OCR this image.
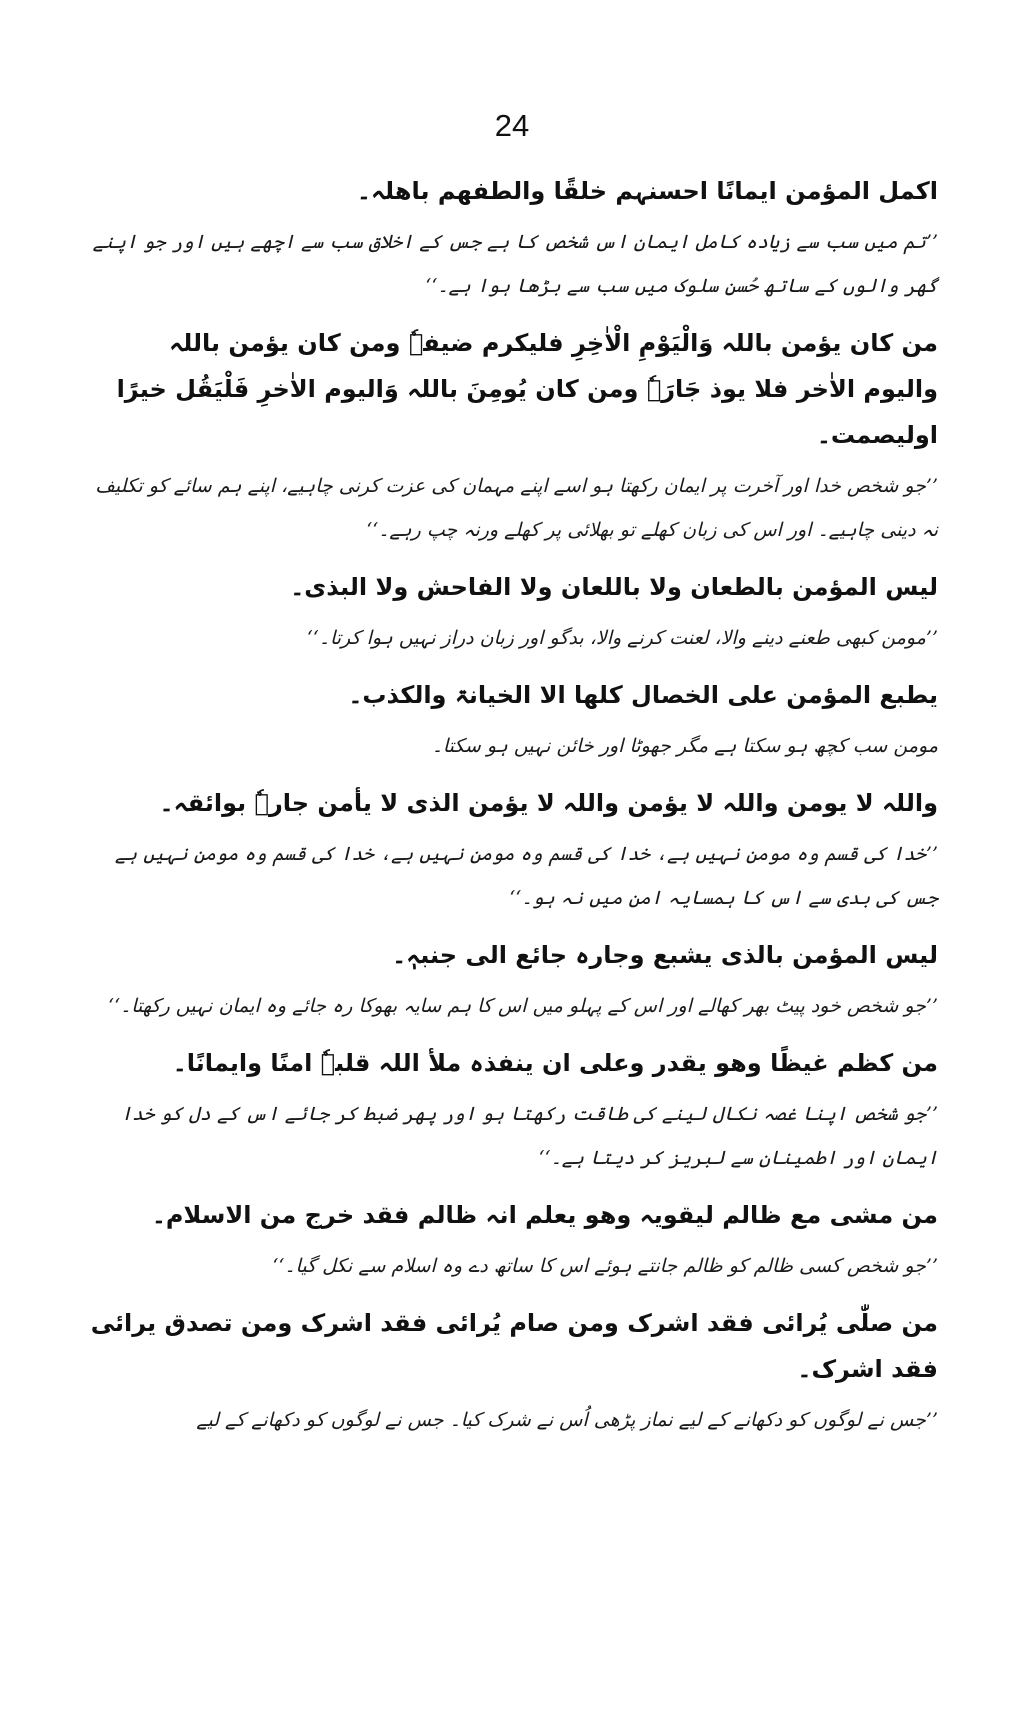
24

اکمل المؤمن ایمانًا احسنہم خلقًا والطفھم باھلہ۔

’’تم میں سب سے زیادہ کامل ایمان اس شخص کا ہے جس کے اخلاق سب سے اچھے ہیں اور جو اپنے گھر والوں کے ساتھ حُسنِ سلوک میں سب سے بڑھا ہوا ہے۔‘‘

من کان یؤمن باللہ وَالْیَوْمِ الْاٰخِرِ فلیکرم ضیفہٗ ومن کان یؤمن باللہ والیوم الاٰخر فلا یوذ جَارَہٗ ومن کان یُومِنَ باللہ وَالیوم الاٰخرِ فَلْیَقُل خیرًا اولیصمت۔

’’جو شخص خدا اور آخرت پر ایمان رکھتا ہو اسے اپنے مہمان کی عزت کرنی چاہیے، اپنے ہم سائے کو تکلیف نہ دینی چاہیے۔ اور اس کی زبان کھلے تو بھلائی پر کھلے ورنہ چپ رہے۔‘‘

لیس المؤمن بالطعان ولا باللعان ولا الفاحش ولا البذی۔

’’مومن کبھی طعنے دینے والا، لعنت کرنے والا، بدگو اور زبان دراز نہیں ہوا کرتا۔‘‘

یطبع المؤمن علی الخصال کلھا الا الخیانۃ والکذب۔

مومن سب کچھ ہو سکتا ہے مگر جھوٹا اور خائن نہیں ہو سکتا۔

واللہ لا یومن واللہ لا یؤمن واللہ لا یؤمن الذی لا یأمن جارہٗ بوائقہ۔

’’خدا کی قسم وہ مومن نہیں ہے، خدا کی قسم وہ مومن نہیں ہے، خدا کی قسم وہ مومن نہیں ہے جس کی بدی سے اس کا ہمسایہ امن میں نہ ہو۔‘‘

لیس المؤمن بالذی یشبع وجارہ جائع الی جنبہٖ۔

’’جو شخص خود پیٹ بھر کھالے اور اس کے پہلو میں اس کا ہم سایہ بھوکا رہ جائے وہ ایمان نہیں رکھتا۔‘‘

من کظم غیظًا وھو یقدر وعلی ان ینفذہ ملأ اللہ قلبہٗ امنًا وایمانًا۔

’’جو شخص اپنا غصہ نکال لینے کی طاقت رکھتا ہو اور پھر ضبط کر جائے اس کے دل کو خدا ایمان اور اطمینان سے لبریز کر دیتا ہے۔‘‘

من مشی مع ظالم لیقویہ وھو یعلم انہ ظالم فقد خرج من الاسلام۔

’’جو شخص کسی ظالم کو ظالم جانتے ہوئے اس کا ساتھ دے وہ اسلام سے نکل گیا۔‘‘

من صلّٰی یُرائی فقد اشرک ومن صام یُرائی فقد اشرک ومن تصدق یرائی فقد اشرک۔

’’جس نے لوگوں کو دکھانے کے لیے نماز پڑھی اُس نے شرک کیا۔ جس نے لوگوں کو دکھانے کے لیے
